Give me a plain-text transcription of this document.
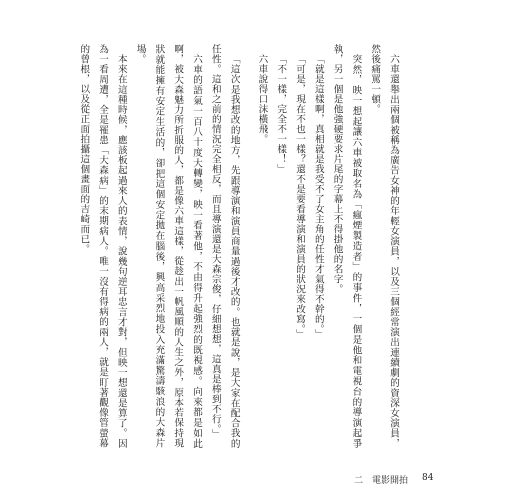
六車還舉出兩個被稱為廣告女神的年輕女演員，以及三個經常演出連續劇的資深女演員，然後痛罵一頓。

突然，映一想起讓六車被取名為「瘋煙製造者」的事件，一個是他和電視台的導演起爭執，另一個是他強硬要求片尾的字幕上不得掛他的名字。

「就是這樣啊，真相就是我受不了女主角的任性才氣得不幹的。」

「可是，現在不也一樣？還不是要看導演和演員的狀況來改寫。」

「不一樣，完全不一樣！」

六車說得口沫橫飛。

「這次是我想改的地方，先跟導演和演員商量過後才改的。也就是說，是大家在配合我的任性。這和之前的情況完全相反，而且導演還是大森宗俊，仔細想想，這真是棒到不行。」

六車的語氣一百八十度大轉變，映一看著他，不由得升起強烈的既視感。向來都是如此啊，被大森魅力所折服的人，都是像六車這樣，從趁出一帆風順的人生之外，原本若保持現狀就能擁有安定生活的，卻把這個安定拋在腦後，興高采烈地投入充滿驚濤駭浪的大森片場。

本來在這種時候，應該板起過來人的表情，說幾句逆耳忠言才對，但映一想還是算了。因為一看周遭，全是罹患「大森病」的末期病人。唯一沒有得病的兩人，就是盯著觀像管螢幕的曾根，以及從正面拍攝這個畫面的吉崎而已。

二　電影開拍 84
